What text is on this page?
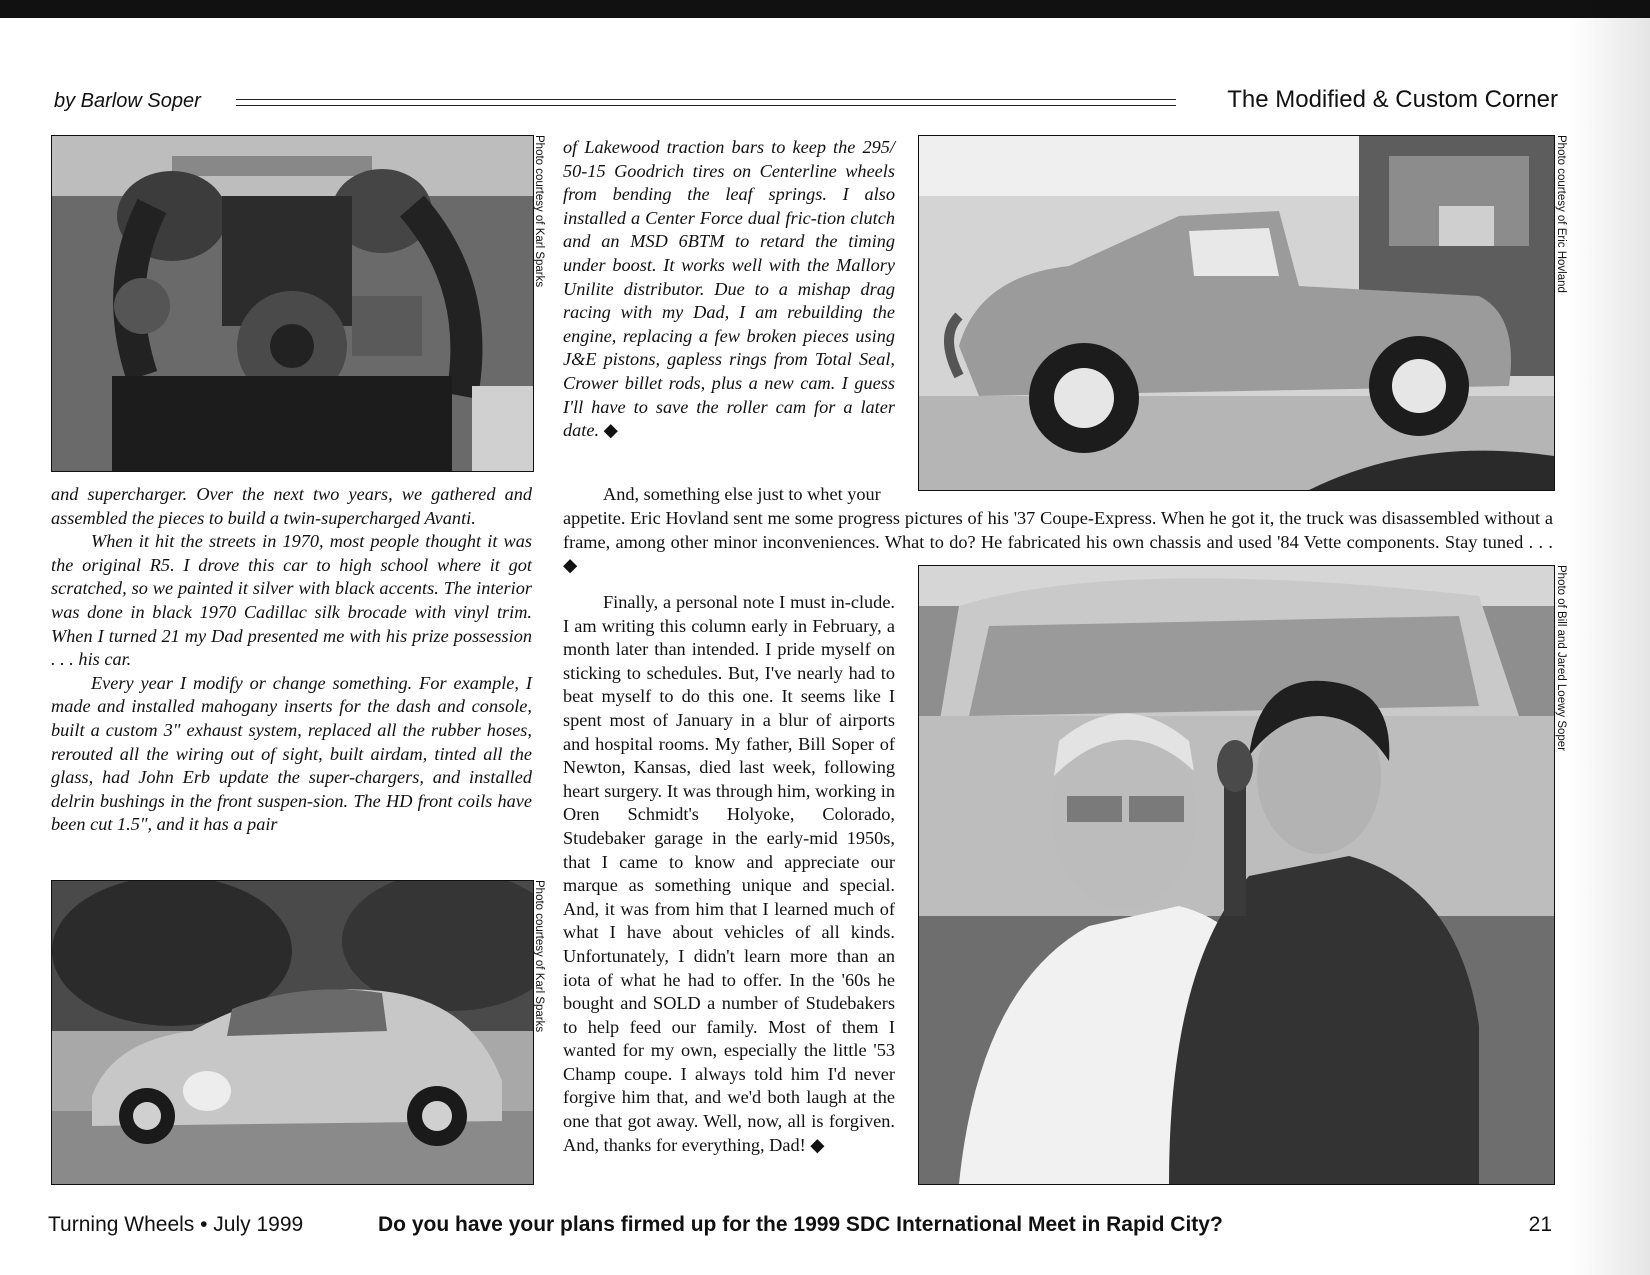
by Barlow Soper	The Modified & Custom Corner
Photo courtesy of Karl Sparks	Photo courtesy of Eric Hovland
Photo of Bill and Jared Loewy Soper
Photo courtesy of Karl Sparks

and supercharger. Over the next two years, we gathered and assembled the pieces to build a twin-supercharged Avanti.

When it hit the streets in 1970, most people thought it was the original R5. I drove this car to high school where it got scratched, so we painted it silver with black accents. The interior was done in black 1970 Cadillac silk brocade with vinyl trim. When I turned 21 my Dad presented me with his prize possession . . . his car.

Every year I modify or change something. For example, I made and installed mahogany inserts for the dash and console, built a custom 3" exhaust system, replaced all the rubber hoses, rerouted all the wiring out of sight, built airdam, tinted all the glass, had John Erb update the super-chargers, and installed delrin bushings in the front suspen-sion. The HD front coils have been cut 1.5", and it has a pair

of Lakewood traction bars to keep the 295/ 50-15 Goodrich tires on Centerline wheels from bending the leaf springs. I also installed a Center Force dual fric-tion clutch and an MSD 6BTM to retard the timing under boost. It works well with the Mallory Unilite distributor. Due to a mishap drag racing with my Dad, I am rebuilding the engine, replacing a few broken pieces using J&E pistons, gapless rings from Total Seal, Crower billet rods, plus a new cam. I guess I'll have to save the roller cam for a later date. ◆

And, something else just to whet your

appetite. Eric Hovland sent me some progress pictures of his '37 Coupe-Express. When he got it, the truck was disassembled without a frame, among other minor inconveniences. What to do? He fabricated his own chassis and used '84 Vette components. Stay tuned . . . ◆

Finally, a personal note I must in-clude. I am writing this column early in February, a month later than intended. I pride myself on sticking to schedules. But, I've nearly had to beat myself to do this one. It seems like I spent most of January in a blur of airports and hospital rooms. My father, Bill Soper of Newton, Kansas, died last week, following heart surgery. It was through him, working in Oren Schmidt's Holyoke, Colorado, Studebaker garage in the early-mid 1950s, that I came to know and appreciate our marque as something unique and special. And, it was from him that I learned much of what I have about vehicles of all kinds. Unfortunately, I didn't learn more than an iota of what he had to offer. In the '60s he bought and SOLD a number of Studebakers to help feed our family. Most of them I wanted for my own, especially the little '53 Champ coupe. I always told him I'd never forgive him that, and we'd both laugh at the one that got away. Well, now, all is forgiven. And, thanks for everything, Dad! ◆

Turning Wheels • July 1999	Do you have your plans firmed up for the 1999 SDC International Meet in Rapid City?	21
